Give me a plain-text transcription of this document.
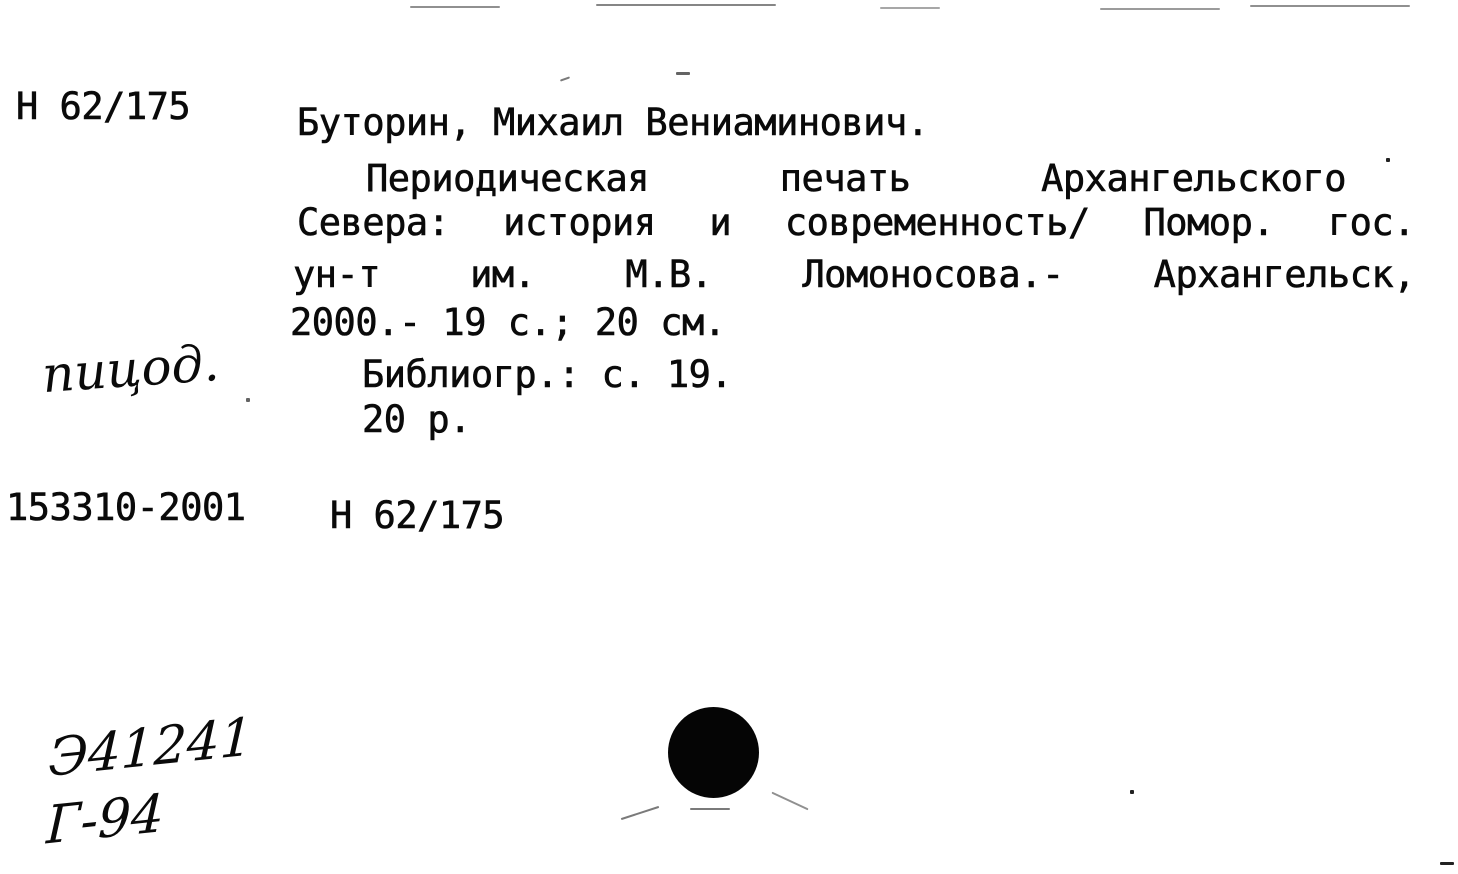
Н 62/175	Буторин, Михаил Вениаминович.
Периодическая	печать	Архангельского
Севера: история и современность/ Помор. гос.
ун-т им. М.В. Ломоносова.- Архангельск,
2000.- 19 с.; 20 см.
Библиогр.: с. 19.
20 р.
153310-2001 Н 62/175
пицод.
Э41241
Г-94
